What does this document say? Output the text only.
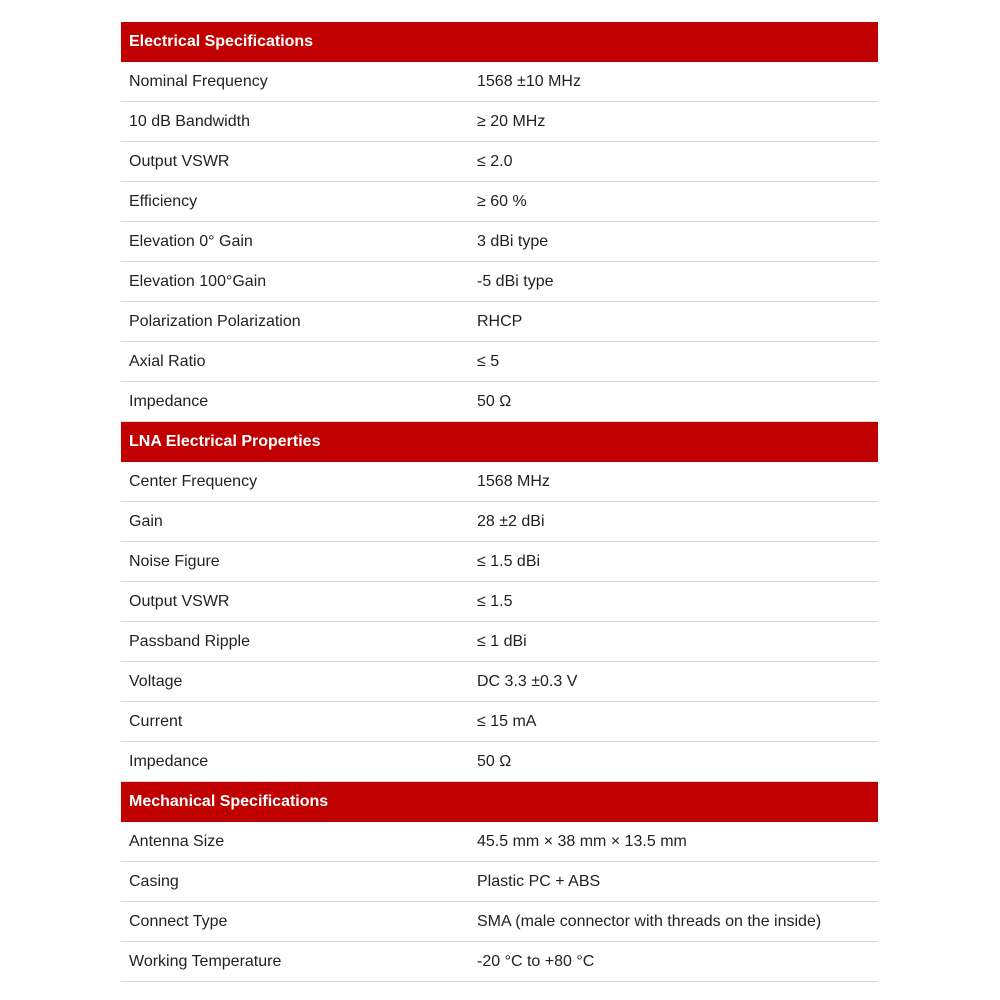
Electrical Specifications
Nominal Frequency	1568 ±10 MHz
10 dB Bandwidth	≥ 20 MHz
Output VSWR	≤ 2.0
Efficiency	≥ 60 %
Elevation 0° Gain	3 dBi type
Elevation 100°Gain	-5 dBi type
Polarization Polarization	RHCP
Axial Ratio	≤ 5
Impedance	50 Ω
LNA Electrical Properties
Center Frequency	1568 MHz
Gain	28 ±2 dBi
Noise Figure	≤ 1.5 dBi
Output VSWR	≤ 1.5
Passband Ripple	≤ 1 dBi
Voltage	DC 3.3 ±0.3 V
Current	≤ 15 mA
Impedance	50 Ω
Mechanical Specifications
Antenna Size	45.5 mm × 38 mm × 13.5 mm
Casing	Plastic PC + ABS
Connect Type	SMA (male connector with threads on the inside)
Working Temperature	-20 °C to +80 °C
